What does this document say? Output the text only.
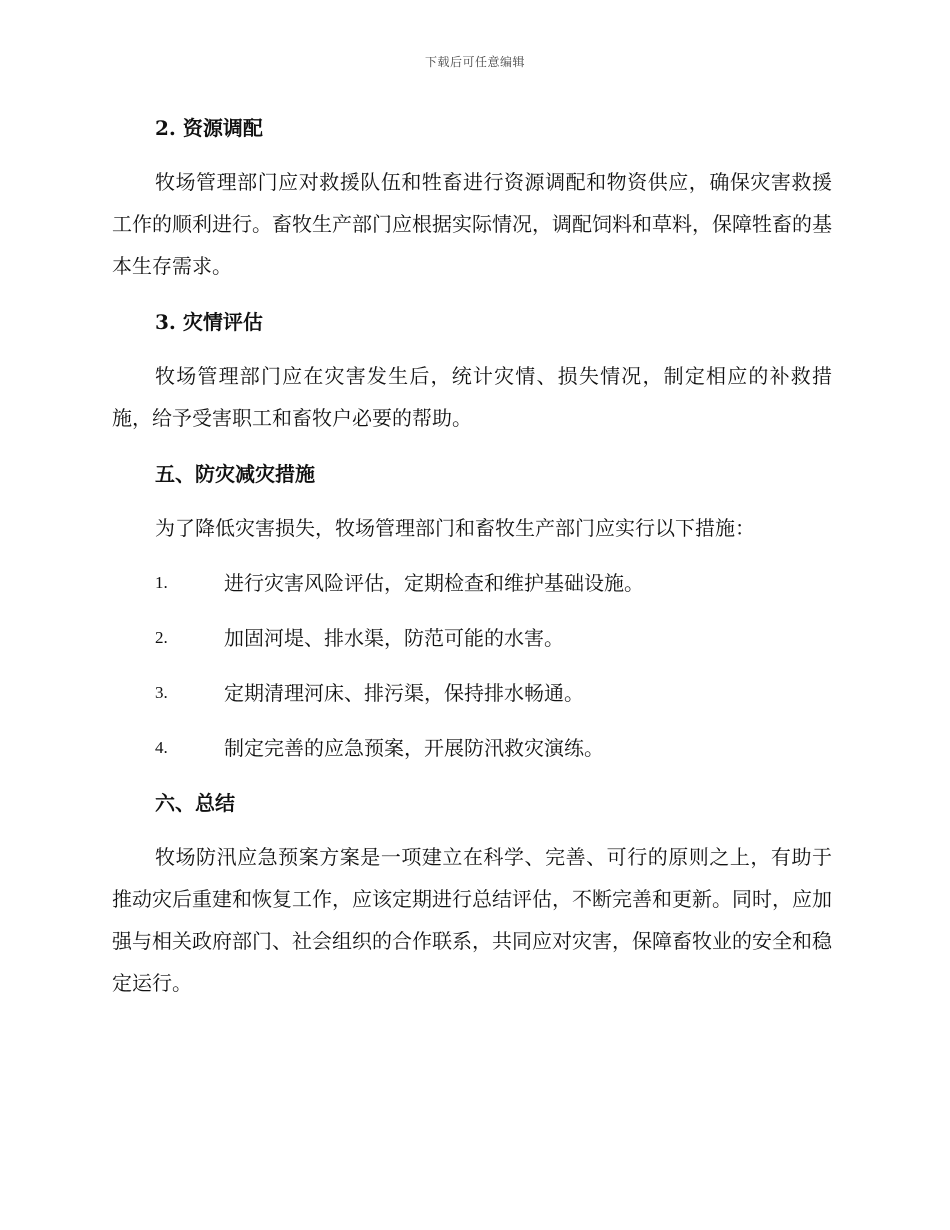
下载后可任意编辑
2. 资源调配
牧场管理部门应对救援队伍和牲畜进行资源调配和物资供应，确保灾害救援工作的顺利进行。畜牧生产部门应根据实际情况，调配饲料和草料，保障牲畜的基本生存需求。
3. 灾情评估
牧场管理部门应在灾害发生后，统计灾情、损失情况，制定相应的补救措施，给予受害职工和畜牧户必要的帮助。
五、防灾减灾措施
为了降低灾害损失，牧场管理部门和畜牧生产部门应实行以下措施：
1.	进行灾害风险评估，定期检查和维护基础设施。
2.	加固河堤、排水渠，防范可能的水害。
3.	定期清理河床、排污渠，保持排水畅通。
4.	制定完善的应急预案，开展防汛救灾演练。
六、总结
牧场防汛应急预案方案是一项建立在科学、完善、可行的原则之上，有助于推动灾后重建和恢复工作，应该定期进行总结评估，不断完善和更新。同时，应加强与相关政府部门、社会组织的合作联系，共同应对灾害，保障畜牧业的安全和稳定运行。
